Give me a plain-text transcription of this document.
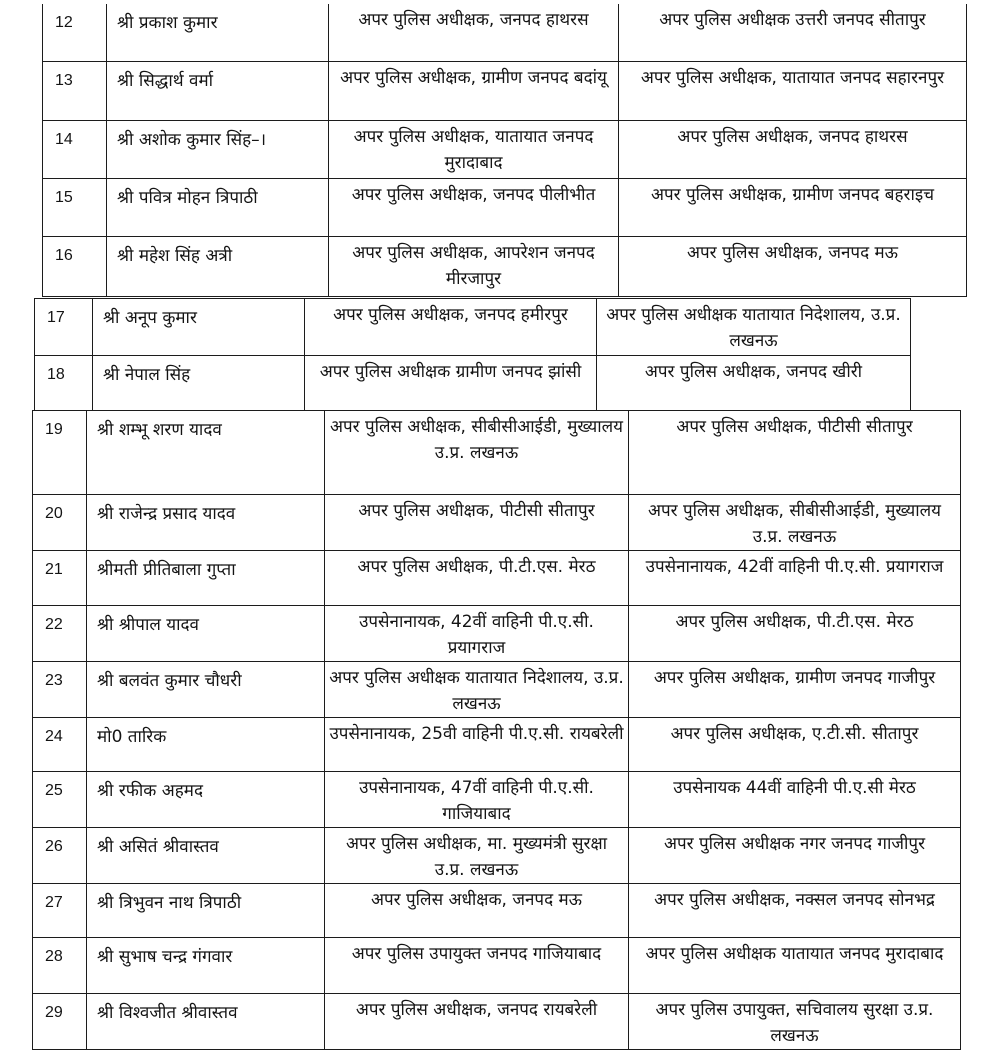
12	श्री प्रकाश कुमार	अपर पुलिस अधीक्षक, जनपद हाथरस	अपर पुलिस अधीक्षक उत्तरी जनपद सीतापुर
13	श्री सिद्धार्थ वर्मा	अपर पुलिस अधीक्षक, ग्रामीण जनपद बदांयू	अपर पुलिस अधीक्षक, यातायात जनपद सहारनपुर
14	श्री अशोक कुमार सिंह–।	अपर पुलिस अधीक्षक, यातायात जनपद मुरादाबाद	अपर पुलिस अधीक्षक, जनपद हाथरस
15	श्री पवित्र मोहन त्रिपाठी	अपर पुलिस अधीक्षक, जनपद पीलीभीत	अपर पुलिस अधीक्षक, ग्रामीण जनपद बहराइच
16	श्री महेश सिंह अत्री	अपर पुलिस अधीक्षक, आपरेशन जनपद मीरजापुर	अपर पुलिस अधीक्षक, जनपद मऊ
17	श्री अनूप कुमार	अपर पुलिस अधीक्षक, जनपद हमीरपुर	अपर पुलिस अधीक्षक यातायात निदेशालय, उ.प्र. लखनऊ
18	श्री नेपाल सिंह	अपर पुलिस अधीक्षक ग्रामीण जनपद झांसी	अपर पुलिस अधीक्षक, जनपद खीरी
19	श्री शम्भू शरण यादव	अपर पुलिस अधीक्षक, सीबीसीआईडी, मुख्यालय उ.प्र. लखनऊ	अपर पुलिस अधीक्षक, पीटीसी सीतापुर
20	श्री राजेन्द्र प्रसाद यादव	अपर पुलिस अधीक्षक, पीटीसी सीतापुर	अपर पुलिस अधीक्षक, सीबीसीआईडी, मुख्यालय उ.प्र. लखनऊ
21	श्रीमती प्रीतिबाला गुप्ता	अपर पुलिस अधीक्षक, पी.टी.एस. मेरठ	उपसेनानायक, 42वीं वाहिनी पी.ए.सी. प्रयागराज
22	श्री श्रीपाल यादव	उपसेनानायक, 42वीं वाहिनी पी.ए.सी. प्रयागराज	अपर पुलिस अधीक्षक, पी.टी.एस. मेरठ
23	श्री बलवंत कुमार चौधरी	अपर पुलिस अधीक्षक यातायात निदेशालय, उ.प्र. लखनऊ	अपर पुलिस अधीक्षक, ग्रामीण जनपद गाजीपुर
24	मो0 तारिक	उपसेनानायक, 25वी वाहिनी पी.ए.सी. रायबरेली	अपर पुलिस अधीक्षक, ए.टी.सी. सीतापुर
25	श्री रफीक अहमद	उपसेनानायक, 47वीं वाहिनी पी.ए.सी. गाजियाबाद	उपसेनायक 44वीं वाहिनी पी.ए.सी मेरठ
26	श्री असितं श्रीवास्तव	अपर पुलिस अधीक्षक, मा. मुख्यमंत्री सुरक्षा उ.प्र. लखनऊ	अपर पुलिस अधीक्षक नगर जनपद गाजीपुर
27	श्री त्रिभुवन नाथ त्रिपाठी	अपर पुलिस अधीक्षक, जनपद मऊ	अपर पुलिस अधीक्षक, नक्सल जनपद सोनभद्र
28	श्री सुभाष चन्द्र गंगवार	अपर पुलिस उपायुक्त जनपद गाजियाबाद	अपर पुलिस अधीक्षक यातायात जनपद मुरादाबाद
29	श्री विश्वजीत श्रीवास्तव	अपर पुलिस अधीक्षक, जनपद रायबरेली	अपर पुलिस उपायुक्त, सचिवालय सुरक्षा उ.प्र. लखनऊ
